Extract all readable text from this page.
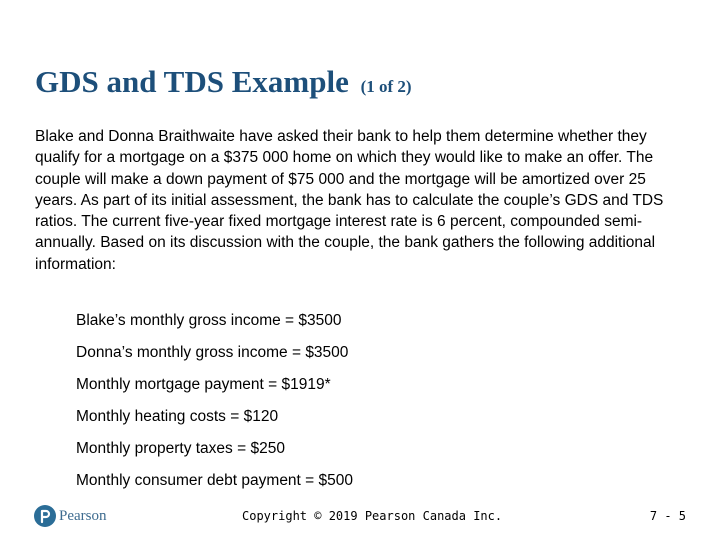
GDS and TDS Example (1 of 2)

Blake and Donna Braithwaite have asked their bank to help them determine whether they qualify for a mortgage on a $375 000 home on which they would like to make an offer. The couple will make a down payment of $75 000 and the mortgage will be amortized over 25 years. As part of its initial assessment, the bank has to calculate the couple’s GDS and TDS ratios. The current five-year fixed mortgage interest rate is 6 percent, compounded semi-annually. Based on its discussion with the couple, the bank gathers the following additional information:

Blake’s monthly gross income = $3500
Donna’s monthly gross income = $3500
Monthly mortgage payment = $1919*
Monthly heating costs = $120
Monthly property taxes = $250
Monthly consumer debt payment = $500
Pearson	Copyright © 2019 Pearson Canada Inc.	7 - 5
